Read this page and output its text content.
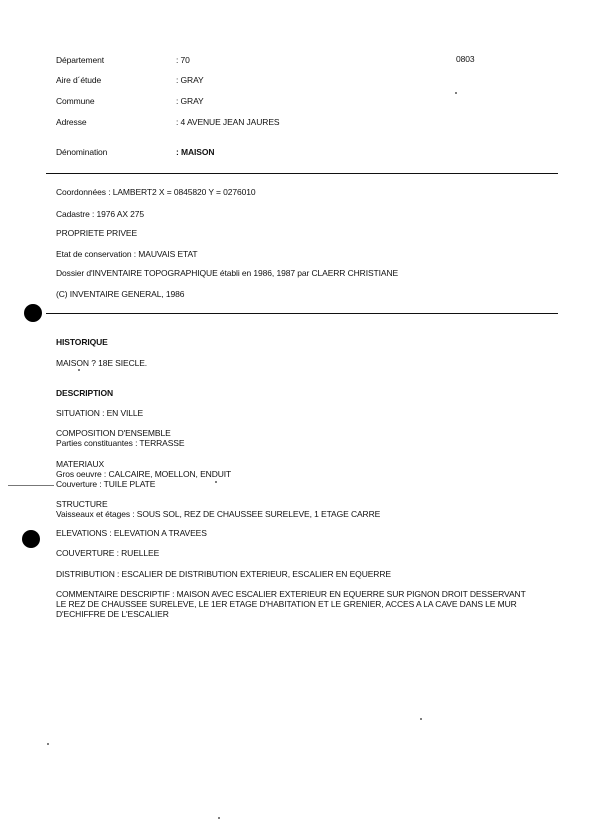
Département	: 70	0803
Aire d´étude	: GRAY
Commune	: GRAY
Adresse	: 4 AVENUE JEAN JAURES
Dénomination	: MAISON
Coordonnées : LAMBERT2 X = 0845820 Y = 0276010
Cadastre : 1976 AX 275
PROPRIETE PRIVEE
Etat de conservation : MAUVAIS ETAT
Dossier d'INVENTAIRE TOPOGRAPHIQUE établi en 1986, 1987 par CLAERR CHRISTIANE
(C) INVENTAIRE GENERAL, 1986
HISTORIQUE
MAISON ? 18E SIECLE.
DESCRIPTION
SITUATION : EN VILLE
COMPOSITION D'ENSEMBLE
Parties constituantes : TERRASSE
MATERIAUX
Gros oeuvre : CALCAIRE, MOELLON, ENDUIT
Couverture : TUILE PLATE
STRUCTURE
Vaisseaux et étages : SOUS SOL, REZ DE CHAUSSEE SURELEVE, 1 ETAGE CARRE
ELEVATIONS : ELEVATION A TRAVEES
COUVERTURE : RUELLEE
DISTRIBUTION : ESCALIER DE DISTRIBUTION EXTERIEUR, ESCALIER EN EQUERRE
COMMENTAIRE DESCRIPTIF : MAISON AVEC ESCALIER EXTERIEUR EN EQUERRE SUR PIGNON DROIT DESSERVANT LE REZ DE CHAUSSEE SURELEVE, LE 1ER ETAGE D'HABITATION ET LE GRENIER, ACCES A LA CAVE DANS LE MUR D'ECHIFFRE DE L'ESCALIER
